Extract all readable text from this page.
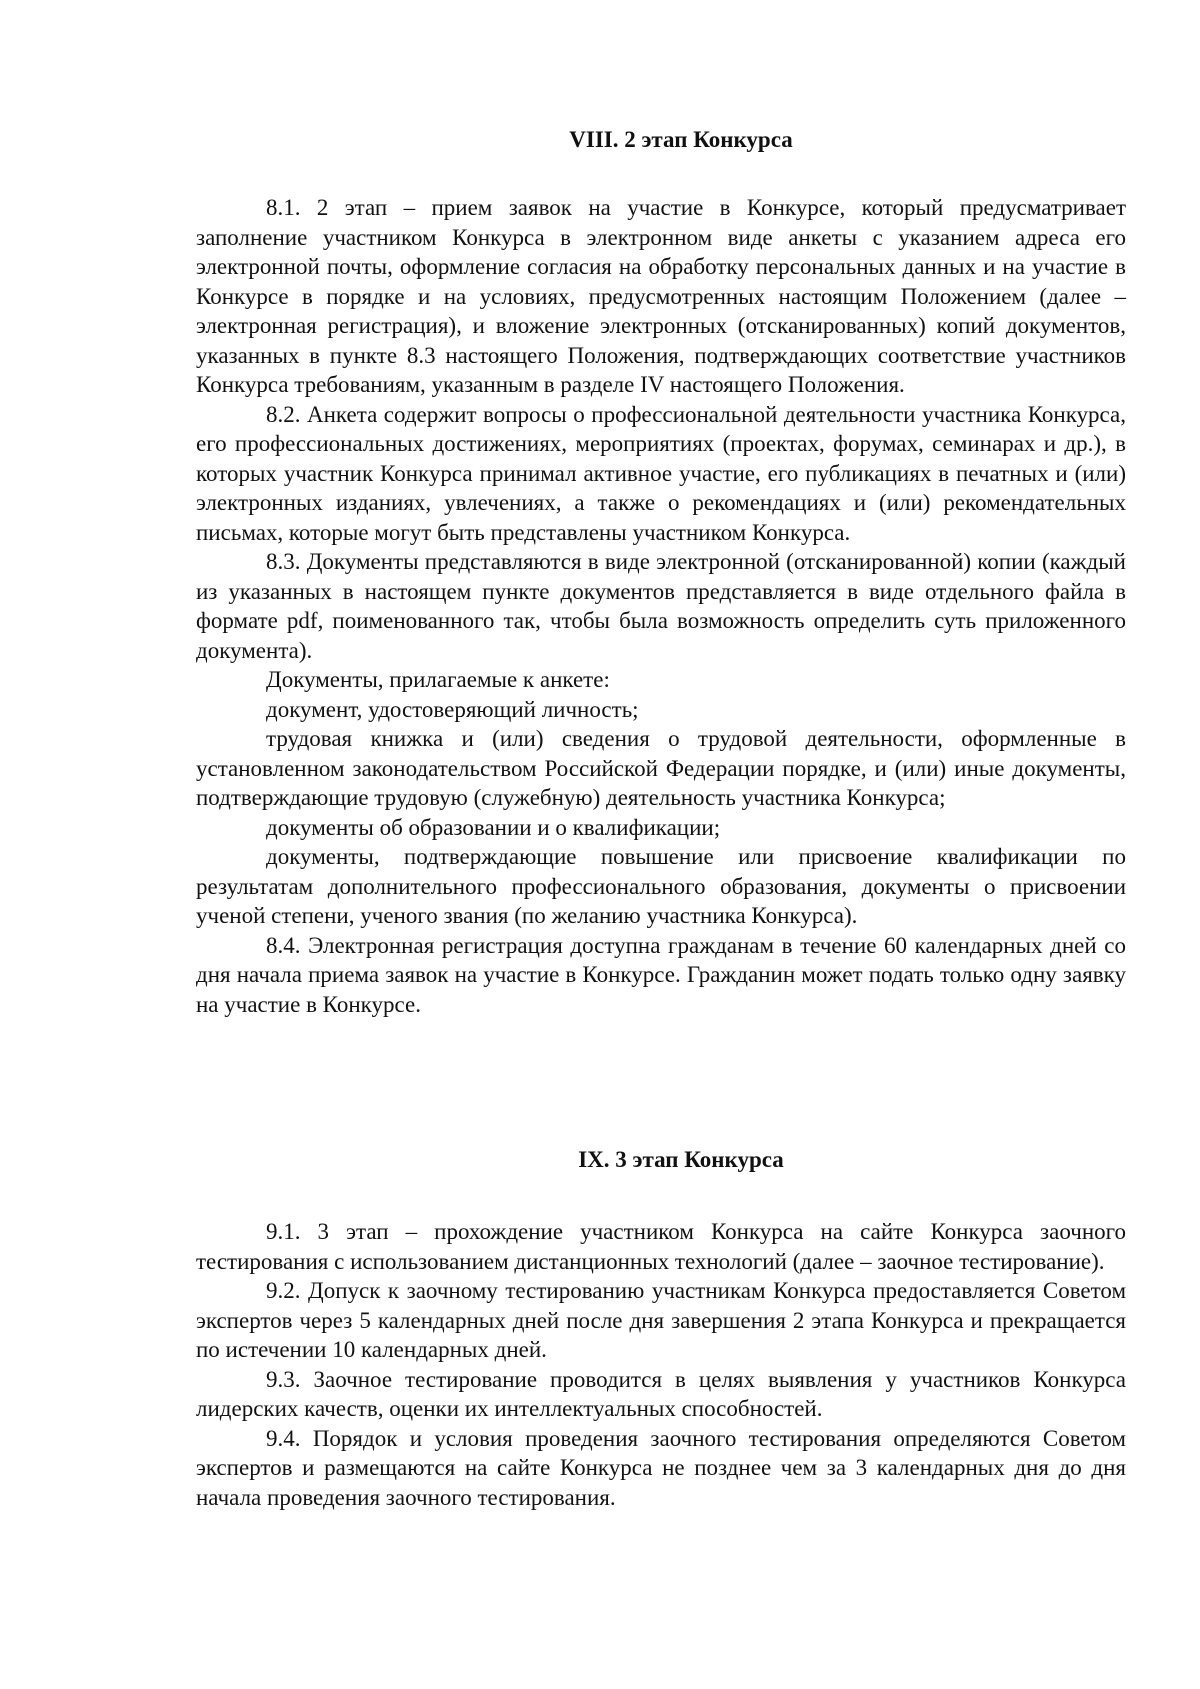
VIII. 2 этап Конкурса

8.1. 2 этап – прием заявок на участие в Конкурсе, который предусматривает заполнение участником Конкурса в электронном виде анкеты с указанием адреса его электронной почты, оформление согласия на обработку персональных данных и на участие в Конкурсе в порядке и на условиях, предусмотренных настоящим Положением (далее – электронная регистрация), и вложение электронных (отсканированных) копий документов, указанных в пункте 8.3 настоящего Положения, подтверждающих соответствие участников Конкурса требованиям, указанным в разделе IV настоящего Положения.

8.2. Анкета содержит вопросы о профессиональной деятельности участника Конкурса, его профессиональных достижениях, мероприятиях (проектах, форумах, семинарах и др.), в которых участник Конкурса принимал активное участие, его публикациях в печатных и (или) электронных изданиях, увлечениях, а также о рекомендациях и (или) рекомендательных письмах, которые могут быть представлены участником Конкурса.

8.3. Документы представляются в виде электронной (отсканированной) копии (каждый из указанных в настоящем пункте документов представляется в виде отдельного файла в формате pdf, поименованного так, чтобы была возможность определить суть приложенного документа).

Документы, прилагаемые к анкете:

документ, удостоверяющий личность;

трудовая книжка и (или) сведения о трудовой деятельности, оформленные в установленном законодательством Российской Федерации порядке, и (или) иные документы, подтверждающие трудовую (служебную) деятельность участника Конкурса;

документы об образовании и о квалификации;

документы, подтверждающие повышение или присвоение квалификации по результатам дополнительного профессионального образования, документы о присвоении ученой степени, ученого звания (по желанию участника Конкурса).

8.4. Электронная регистрация доступна гражданам в течение 60 календарных дней со дня начала приема заявок на участие в Конкурсе. Гражданин может подать только одну заявку на участие в Конкурсе.

IX. 3 этап Конкурса

9.1. 3 этап – прохождение участником Конкурса на сайте Конкурса заочного тестирования с использованием дистанционных технологий (далее – заочное тестирование).

9.2. Допуск к заочному тестированию участникам Конкурса предоставляется Советом экспертов через 5 календарных дней после дня завершения 2 этапа Конкурса и прекращается по истечении 10 календарных дней.

9.3. Заочное тестирование проводится в целях выявления у участников Конкурса лидерских качеств, оценки их интеллектуальных способностей.

9.4. Порядок и условия проведения заочного тестирования определяются Советом экспертов и размещаются на сайте Конкурса не позднее чем за 3 календарных дня до дня начала проведения заочного тестирования.
